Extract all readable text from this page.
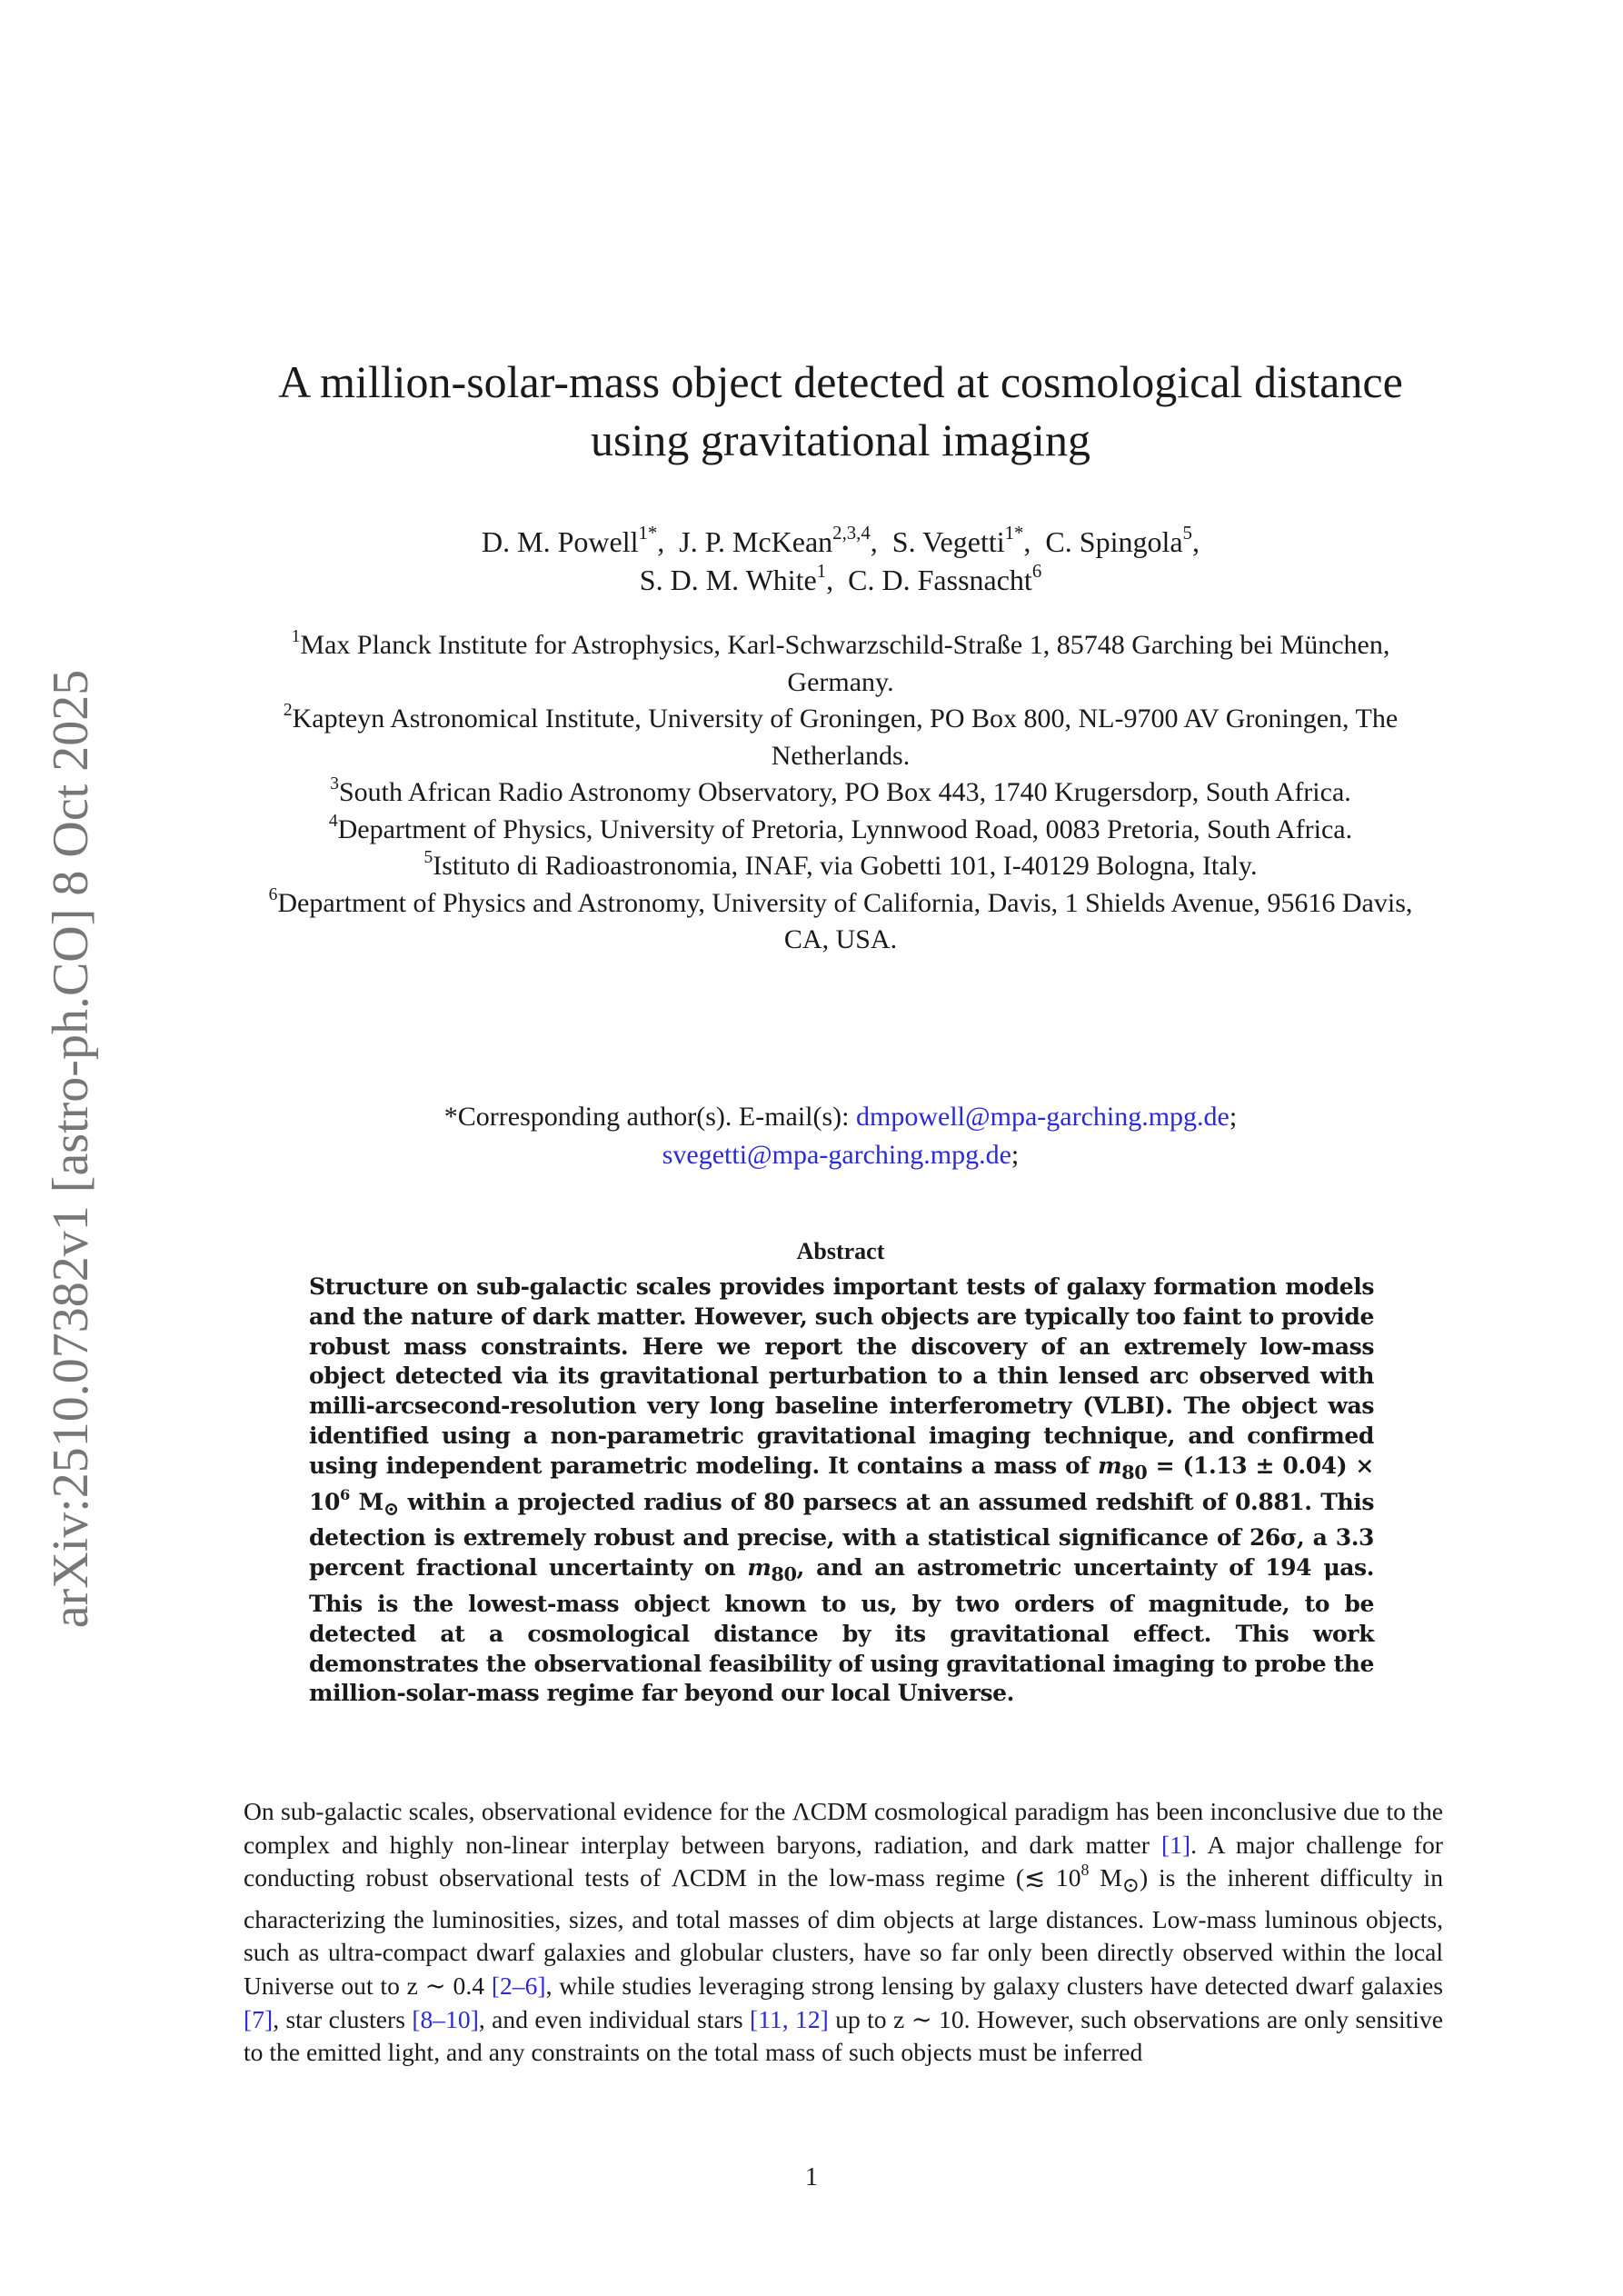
arXiv:2510.07382v1 [astro-ph.CO] 8 Oct 2025
A million-solar-mass object detected at cosmological distance using gravitational imaging
D. M. Powell$^{1*}$, J. P. McKean$^{2,3,4}$, S. Vegetti$^{1*}$, C. Spingola$^5$,
S. D. M. White$^1$, C. D. Fassnacht$^6$
$^1$Max Planck Institute for Astrophysics, Karl-Schwarzschild-Straße 1, 85748 Garching bei München, Germany.
$^2$Kapteyn Astronomical Institute, University of Groningen, PO Box 800, NL-9700 AV Groningen, The Netherlands.
$^3$South African Radio Astronomy Observatory, PO Box 443, 1740 Krugersdorp, South Africa.
$^4$Department of Physics, University of Pretoria, Lynnwood Road, 0083 Pretoria, South Africa.
$^5$Istituto di Radioastronomia, INAF, via Gobetti 101, I-40129 Bologna, Italy.
$^6$Department of Physics and Astronomy, University of California, Davis, 1 Shields Avenue, 95616 Davis, CA, USA.
*Corresponding author(s). E-mail(s): dmpowell@mpa-garching.mpg.de;
svegetti@mpa-garching.mpg.de;
Abstract
Structure on sub-galactic scales provides important tests of galaxy formation models and the nature of dark matter. However, such objects are typically too faint to provide robust mass constraints. Here we report the discovery of an extremely low-mass object detected via its gravitational perturbation to a thin lensed arc observed with milli-arcsecond-resolution very long baseline interferometry (VLBI). The object was identified using a non-parametric gravitational imaging technique, and confirmed using independent parametric modeling. It contains a mass of $m_{80} = (1.13 \pm 0.04) \times 10^6$ $M_⊙$ within a projected radius of 80 parsecs at an assumed redshift of 0.881. This detection is extremely robust and precise, with a statistical significance of 26σ, a 3.3 percent fractional uncertainty on $m_{80}$, and an astrometric uncertainty of 194 μas. This is the lowest-mass object known to us, by two orders of magnitude, to be detected at a cosmological distance by its gravitational effect. This work demonstrates the observational feasibility of using gravitational imaging to probe the million-solar-mass regime far beyond our local Universe.
On sub-galactic scales, observational evidence for the ΛCDM cosmological paradigm has been inconclusive due to the complex and highly non-linear interplay between baryons, radiation, and dark matter [1]. A major challenge for conducting robust observational tests of ΛCDM in the low-mass regime (≲ $10^8$ $M_⊙$) is the inherent difficulty in characterizing the luminosities, sizes, and total masses of dim objects at large distances. Low-mass luminous objects, such as ultra-compact dwarf galaxies and globular clusters, have so far only been directly observed within the local Universe out to z ∼ 0.4 [2–6], while studies leveraging strong lensing by galaxy clusters have detected dwarf galaxies [7], star clusters [8–10], and even individual stars [11, 12] up to z ∼ 10. However, such observations are only sensitive to the emitted light, and any constraints on the total mass of such objects must be inferred
1
